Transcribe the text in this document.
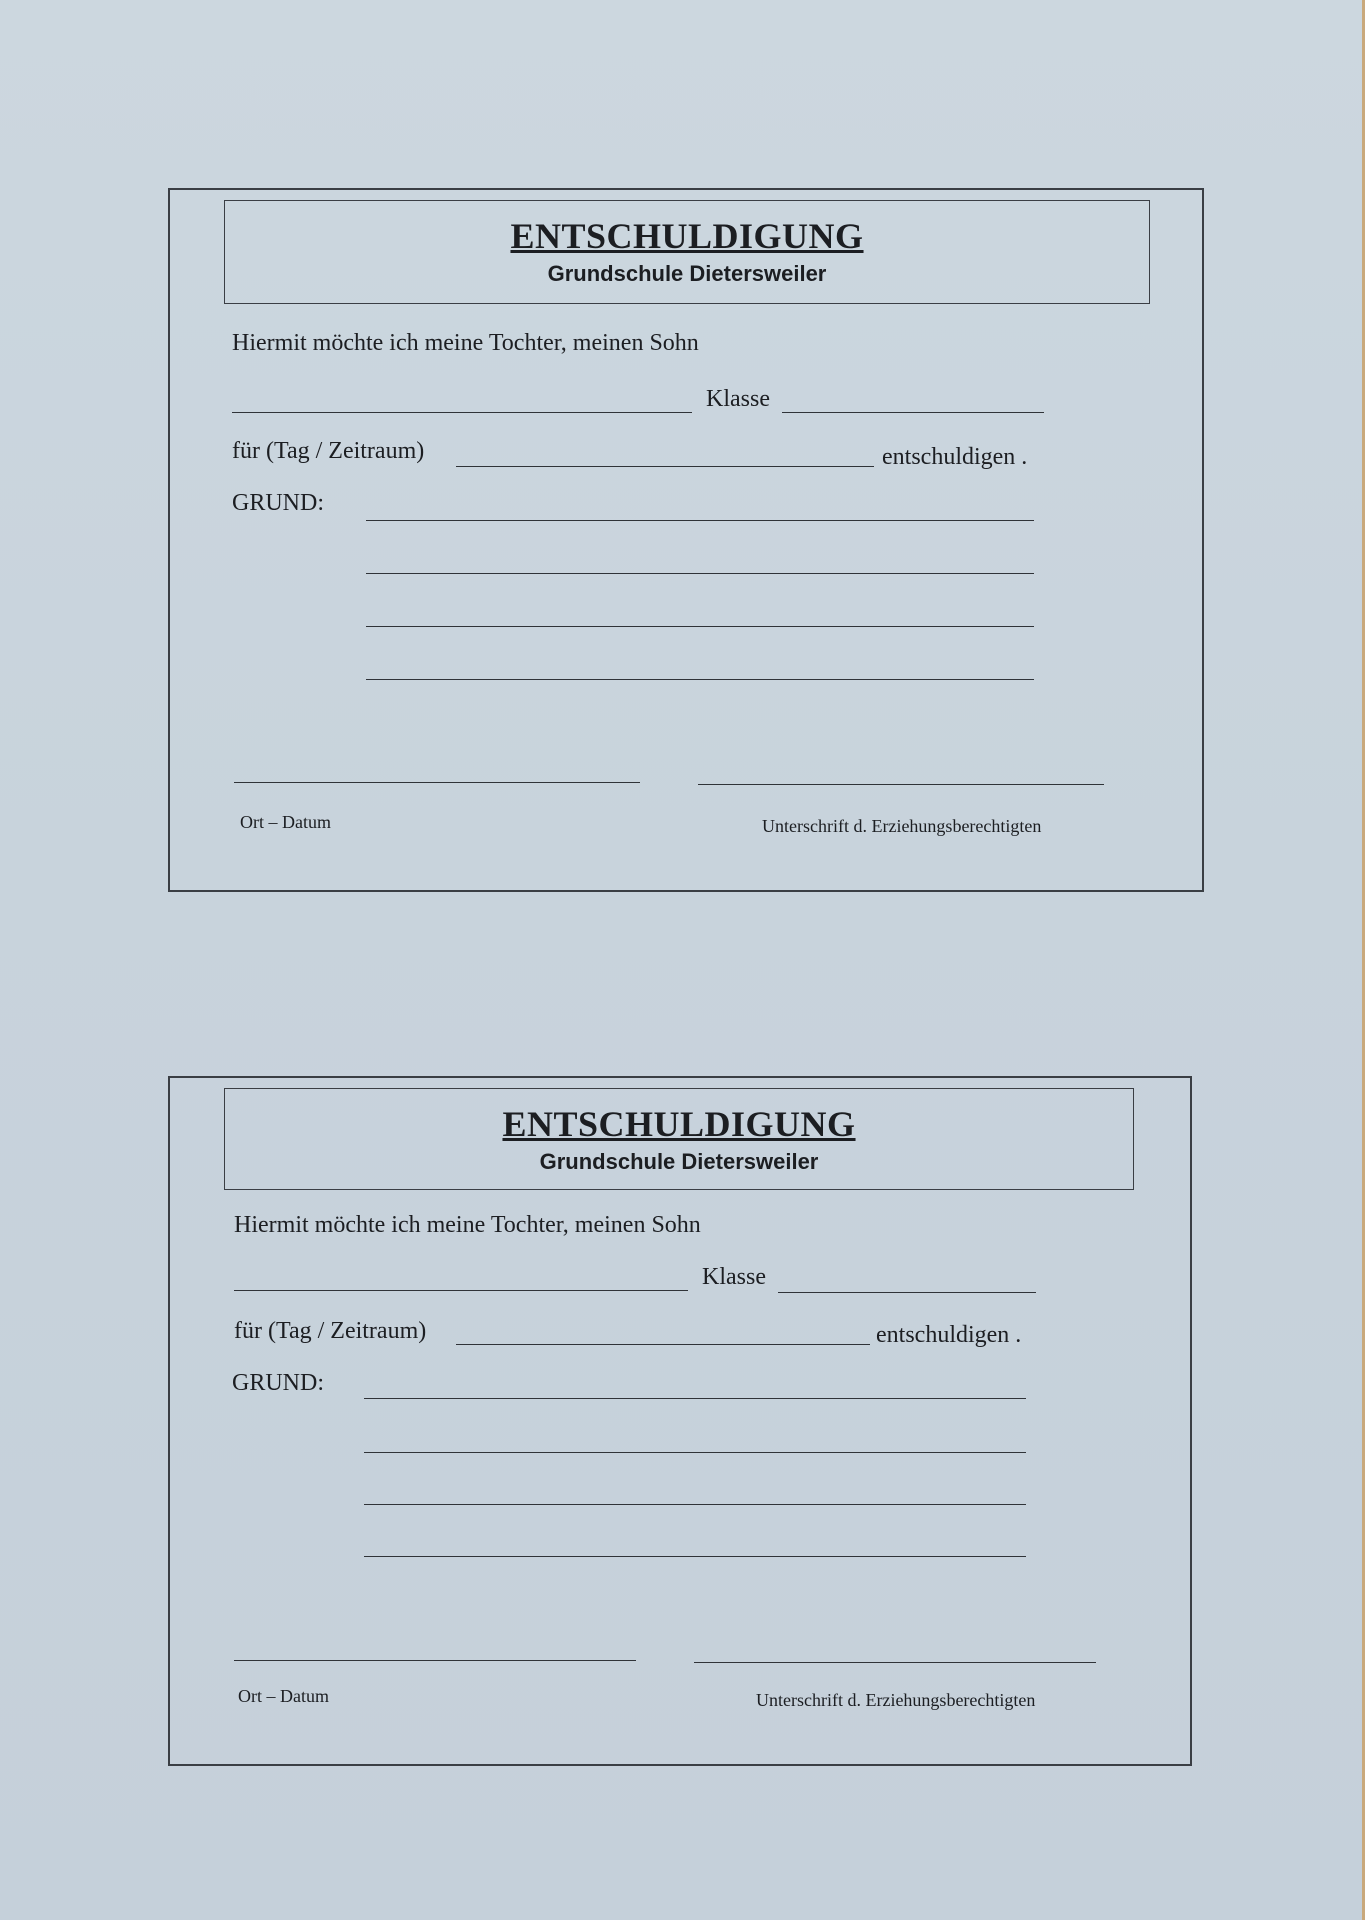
ENTSCHULDIGUNG
Grundschule Dietersweiler
Hiermit möchte ich meine Tochter, meinen Sohn
Klasse
für (Tag / Zeitraum)	entschuldigen .
GRUND:
Ort – Datum	Unterschrift d. Erziehungsberechtigten
ENTSCHULDIGUNG
Grundschule Dietersweiler
Hiermit möchte ich meine Tochter, meinen Sohn
Klasse
für (Tag / Zeitraum)	entschuldigen .
GRUND:
Ort – Datum	Unterschrift d. Erziehungsberechtigten
